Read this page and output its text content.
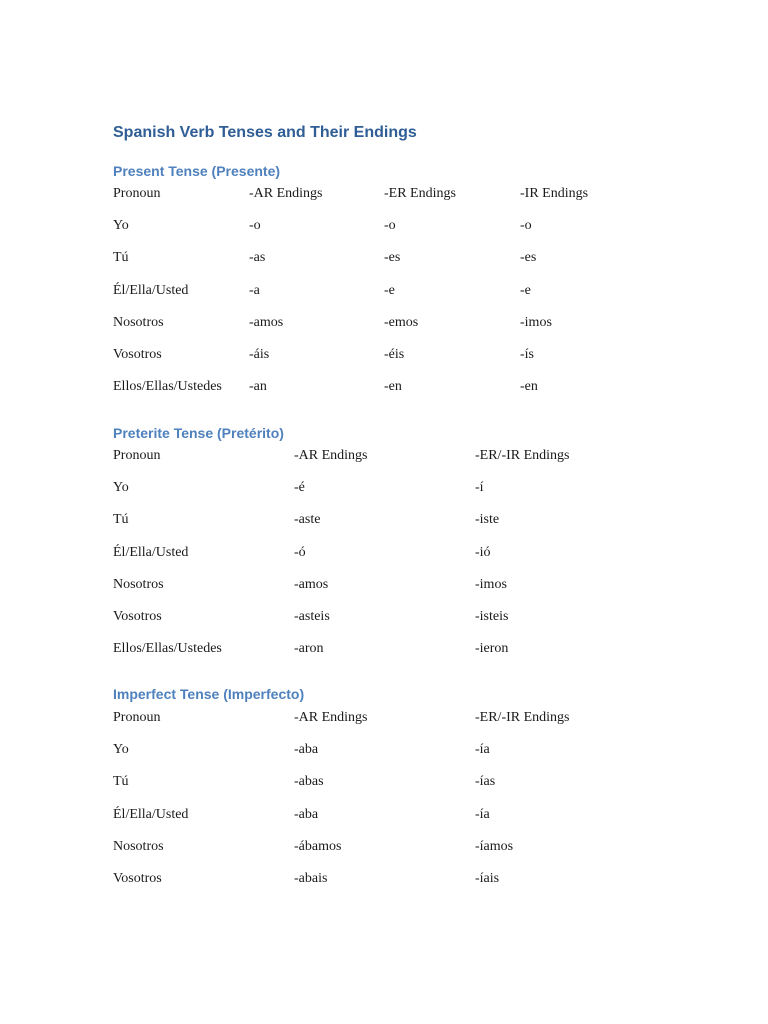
Spanish Verb Tenses and Their Endings
Present Tense (Presente)
Pronoun	-AR Endings	-ER Endings	-IR Endings
Yo	-o	-o	-o
Tú	-as	-es	-es
Él/Ella/Usted	-a	-e	-e
Nosotros	-amos	-emos	-imos
Vosotros	-áis	-éis	-ís
Ellos/Ellas/Ustedes	-an	-en	-en
Preterite Tense (Pretérito)
Pronoun	-AR Endings	-ER/-IR Endings
Yo	-é	-í
Tú	-aste	-iste
Él/Ella/Usted	-ó	-ió
Nosotros	-amos	-imos
Vosotros	-asteis	-isteis
Ellos/Ellas/Ustedes	-aron	-ieron
Imperfect Tense (Imperfecto)
Pronoun	-AR Endings	-ER/-IR Endings
Yo	-aba	-ía
Tú	-abas	-ías
Él/Ella/Usted	-aba	-ía
Nosotros	-ábamos	-íamos
Vosotros	-abais	-íais
